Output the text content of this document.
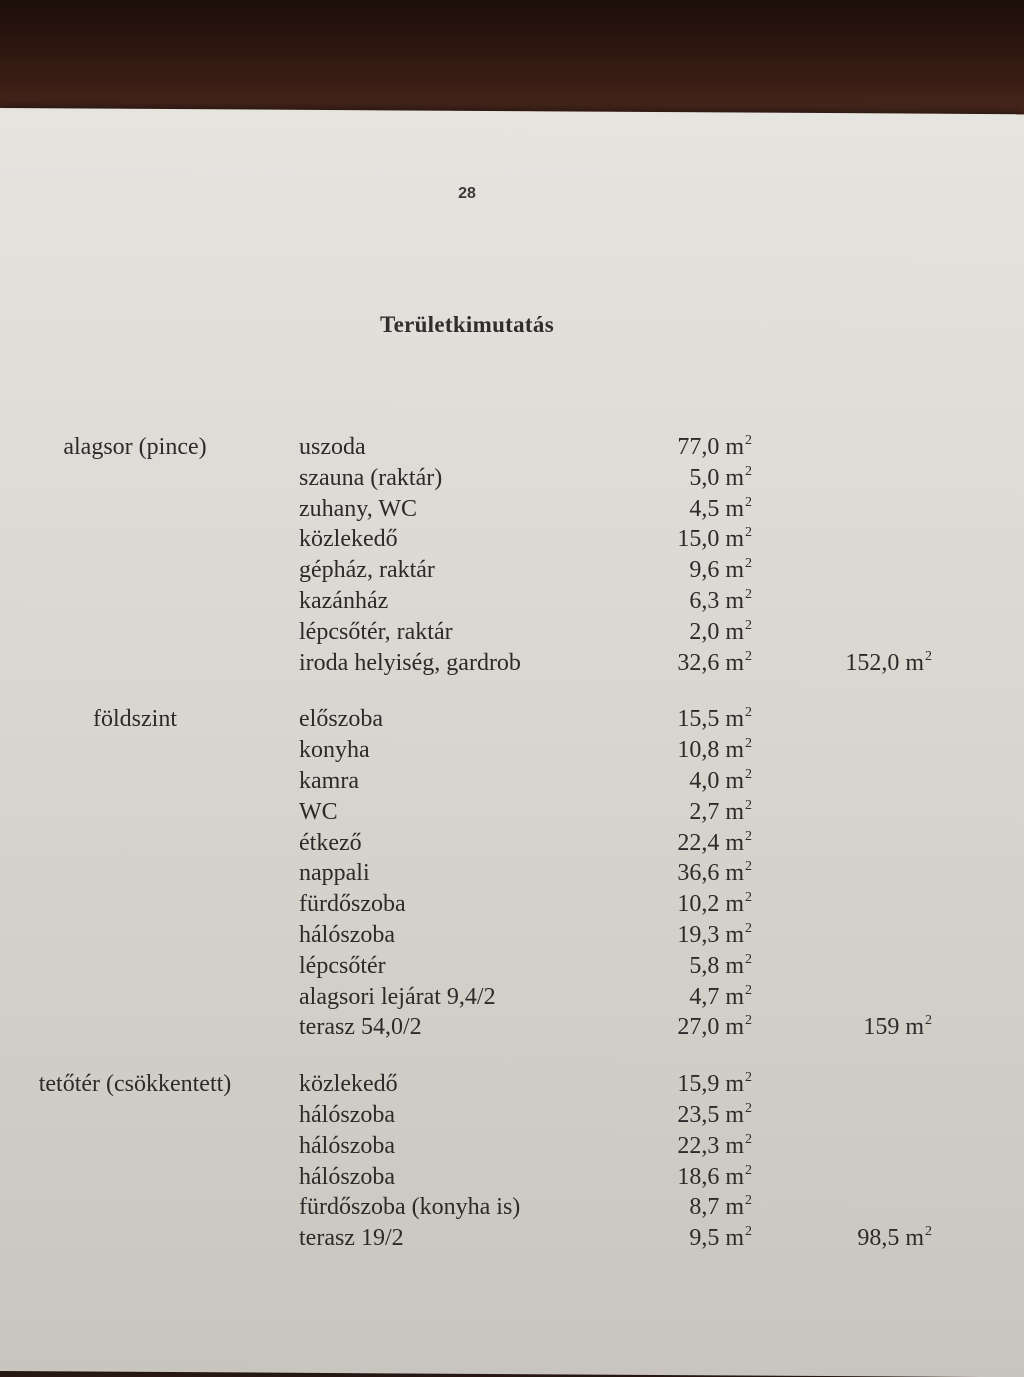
28
Területkimutatás
alagsor (pince)	uszoda	77,0 $m^2$
szauna (raktár)	5,0 $m^2$
zuhany, WC	4,5 $m^2$
közlekedő	15,0 $m^2$
gépház, raktár	9,6 $m^2$
kazánház	6,3 $m^2$
lépcsőtér, raktár	2,0 $m^2$
iroda helyiség, gardrob	32,6 $m^2$	152,0 $m^2$
földszint	előszoba	15,5 $m^2$
konyha	10,8 $m^2$
kamra	4,0 $m^2$
WC	2,7 $m^2$
étkező	22,4 $m^2$
nappali	36,6 $m^2$
fürdőszoba	10,2 $m^2$
hálószoba	19,3 $m^2$
lépcsőtér	5,8 $m^2$
alagsori lejárat 9,4/2	4,7 $m^2$
terasz 54,0/2	27,0 $m^2$	159 $m^2$
tetőtér (csökkentett)	közlekedő	15,9 $m^2$
hálószoba	23,5 $m^2$
hálószoba	22,3 $m^2$
hálószoba	18,6 $m^2$
fürdőszoba (konyha is)	8,7 $m^2$
terasz 19/2	9,5 $m^2$	98,5 $m^2$
